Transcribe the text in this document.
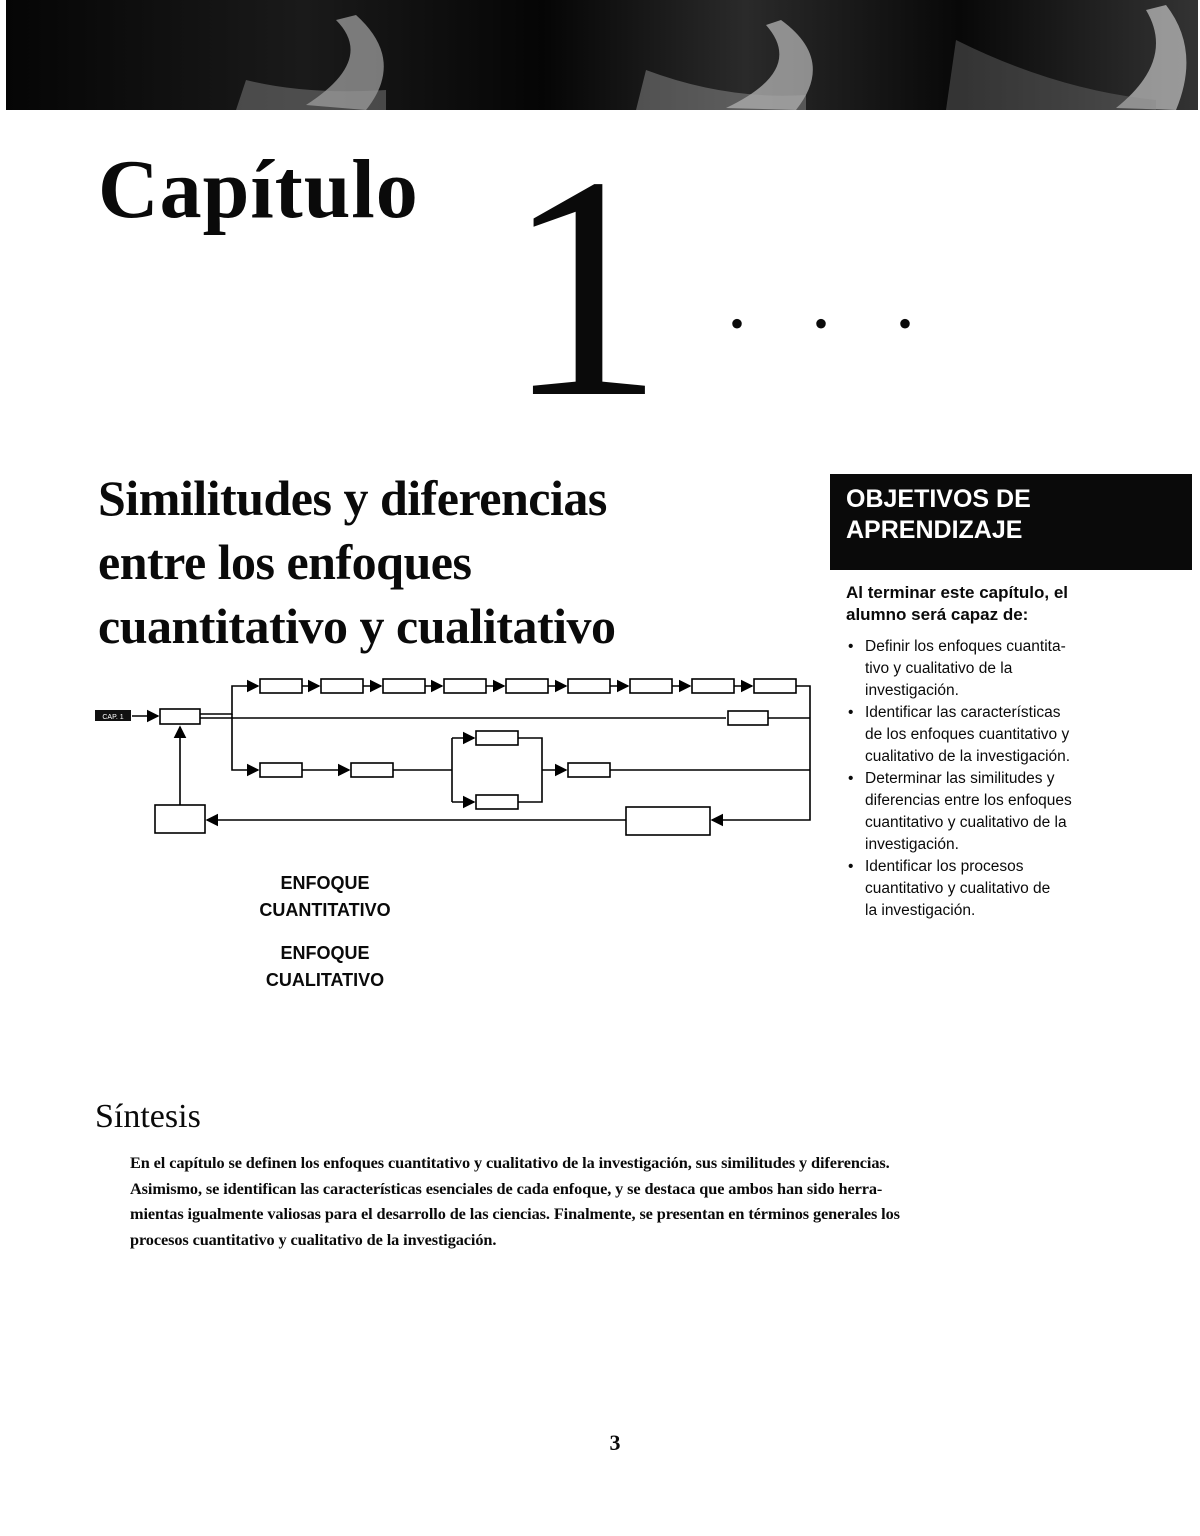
Capítulo 1 • • •
Similitudes y diferencias
entre los enfoques
cuantitativo y cualitativo
OBJETIVOS DE
APRENDIZAJE
Al terminar este capítulo, el
alumno será capaz de:
• Definir los enfoques cuantita-
tivo y cualitativo de la
investigación.
• Identificar las características
de los enfoques cuantitativo y
cualitativo de la investigación.
• Determinar las similitudes y
diferencias entre los enfoques
cuantitativo y cualitativo de la
investigación.
• Identificar los procesos
cuantitativo y cualitativo de
la investigación.
CAP. 1
ENFOQUE
CUANTITATIVO
ENFOQUE
CUALITATIVO
Síntesis
En el capítulo se definen los enfoques cuantitativo y cualitativo de la investigación, sus similitudes y diferencias.
Asimismo, se identifican las características esenciales de cada enfoque, y se destaca que ambos han sido herra-
mientas igualmente valiosas para el desarrollo de las ciencias. Finalmente, se presentan en términos generales los
procesos cuantitativo y cualitativo de la investigación.
3
